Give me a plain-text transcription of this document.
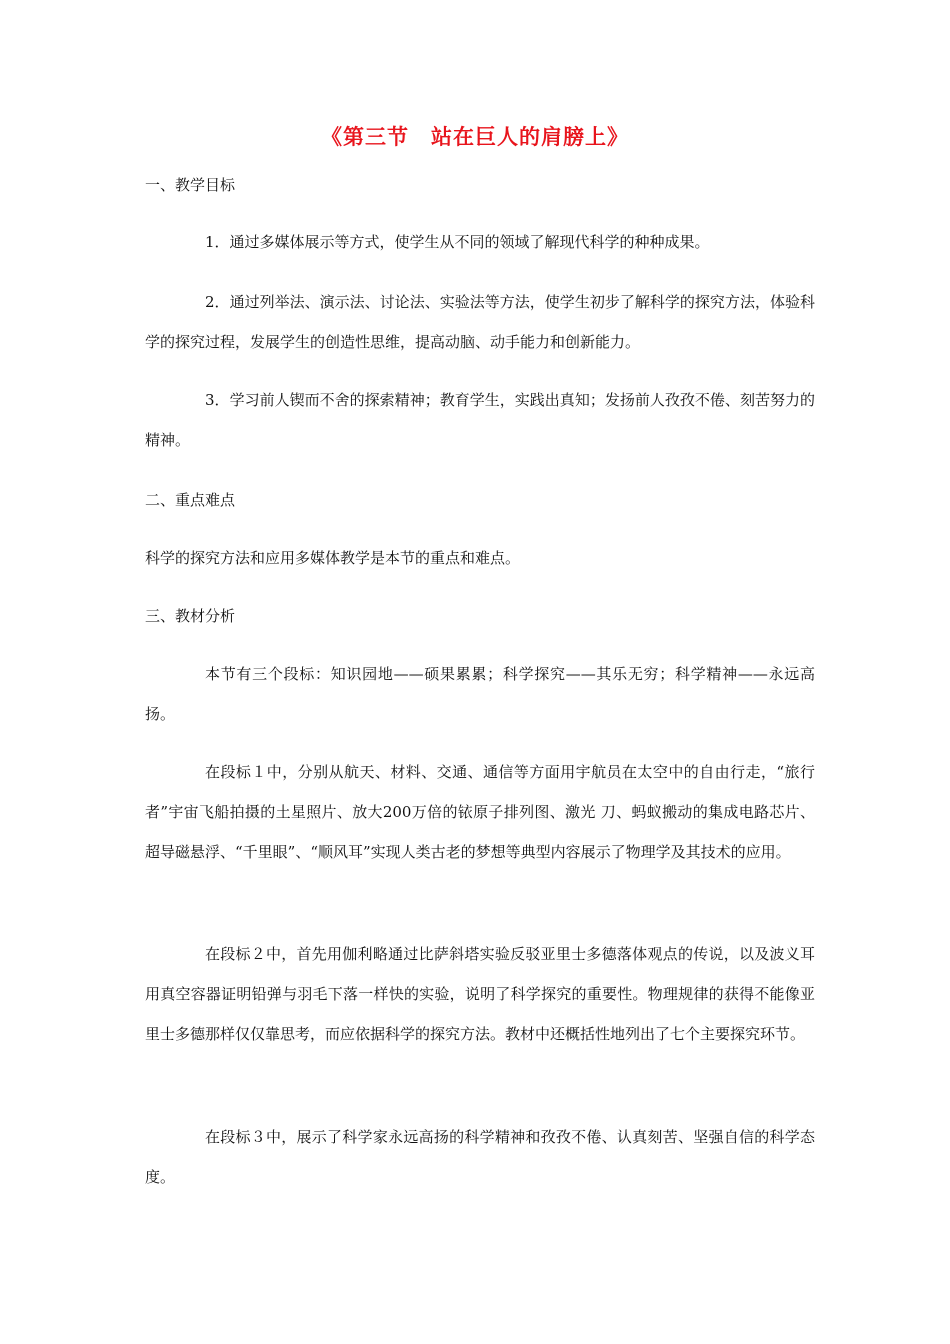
《第三节　站在巨人的肩膀上》
一、教学目标
1．通过多媒体展示等方式，使学生从不同的领域了解现代科学的种种成果。
2．通过列举法、演示法、讨论法、实验法等方法，使学生初步了解科学的探究方法，体验科学的探究过程，发展学生的创造性思维，提高动脑、动手能力和创新能力。
3．学习前人锲而不舍的探索精神；教育学生，实践出真知；发扬前人孜孜不倦、刻苦努力的精神。
二、重点难点
科学的探究方法和应用多媒体教学是本节的重点和难点。
三、教材分析
本节有三个段标：知识园地——硕果累累；科学探究——其乐无穷；科学精神——永远高扬。
在段标１中，分别从航天、材料、交通、通信等方面用宇航员在太空中的自由行走，“旅行者”宇宙飞船拍摄的土星照片、放大200万倍的铱原子排列图、激光 刀、蚂蚁搬动的集成电路芯片、超导磁悬浮、“千里眼”、“顺风耳”实现人类古老的梦想等典型内容展示了物理学及其技术的应用。
在段标２中，首先用伽利略通过比萨斜塔实验反驳亚里士多德落体观点的传说，以及波义耳用真空容器证明铅弹与羽毛下落一样快的实验，说明了科学探究的重要性。物理规律的获得不能像亚里士多德那样仅仅靠思考，而应依据科学的探究方法。教材中还概括性地列出了七个主要探究环节。
在段标３中，展示了科学家永远高扬的科学精神和孜孜不倦、认真刻苦、坚强自信的科学态度。
